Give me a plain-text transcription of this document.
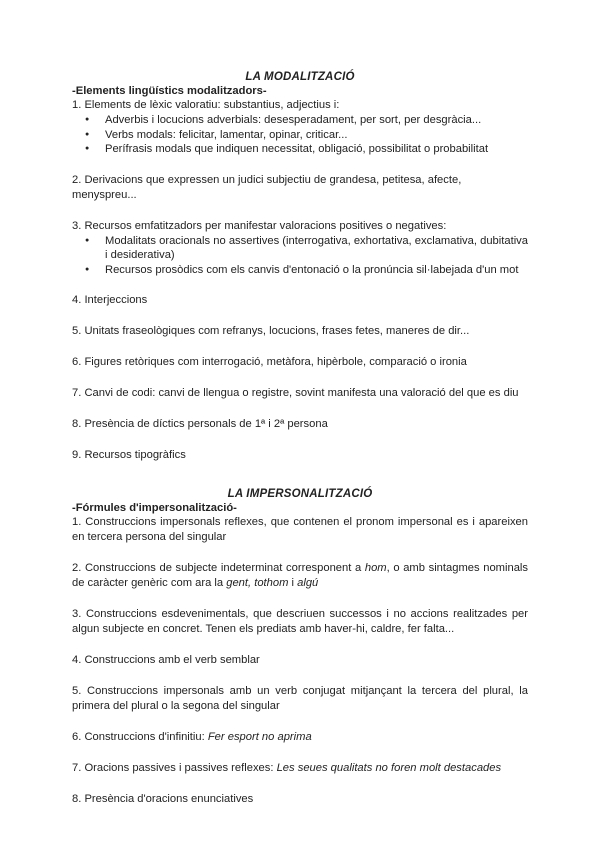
LA MODALITZACIÓ

-Elements lingüístics modalitzadors-

1. Elements de lèxic valoratiu: substantius, adjectius i:

● Adverbis i locucions adverbials: desesperadament, per sort, per desgràcia...
● Verbs modals: felicitar, lamentar, opinar, criticar...
● Perífrasis modals que indiquen necessitat, obligació, possibilitat o probabilitat

2. Derivacions que expressen un judici subjectiu de grandesa, petitesa, afecte, menyspreu...

3. Recursos emfatitzadors per manifestar valoracions positives o negatives:

● Modalitats oracionals no assertives (interrogativa, exhortativa, exclamativa, dubitativa i desiderativa)
● Recursos prosòdics com els canvis d'entonació o la pronúncia sil·labejada d'un mot

4. Interjeccions

5. Unitats fraseològiques com refranys, locucions, frases fetes, maneres de dir...

6. Figures retòriques com interrogació, metàfora, hipèrbole, comparació o ironia

7. Canvi de codi: canvi de llengua o registre, sovint manifesta una valoració del que es diu

8. Presència de díctics personals de 1ª i 2ª persona

9. Recursos tipogràfics

LA IMPERSONALITZACIÓ

-Fórmules d'impersonalització-

1. Construccions impersonals reflexes, que contenen el pronom impersonal es i apareixen en tercera persona del singular

2. Construccions de subjecte indeterminat corresponent a hom, o amb sintagmes nominals de caràcter genèric com ara la gent, tothom i algú

3. Construccions esdevenimentals, que descriuen successos i no accions realitzades per algun subjecte en concret. Tenen els prediats amb haver-hi, caldre, fer falta...

4. Construccions amb el verb semblar

5. Construccions impersonals amb un verb conjugat mitjançant la tercera del plural, la primera del plural o la segona del singular

6. Construccions d'infinitiu: Fer esport no aprima

7. Oracions passives i passives reflexes: Les seues qualitats no foren molt destacades

8. Presència d'oracions enunciatives
